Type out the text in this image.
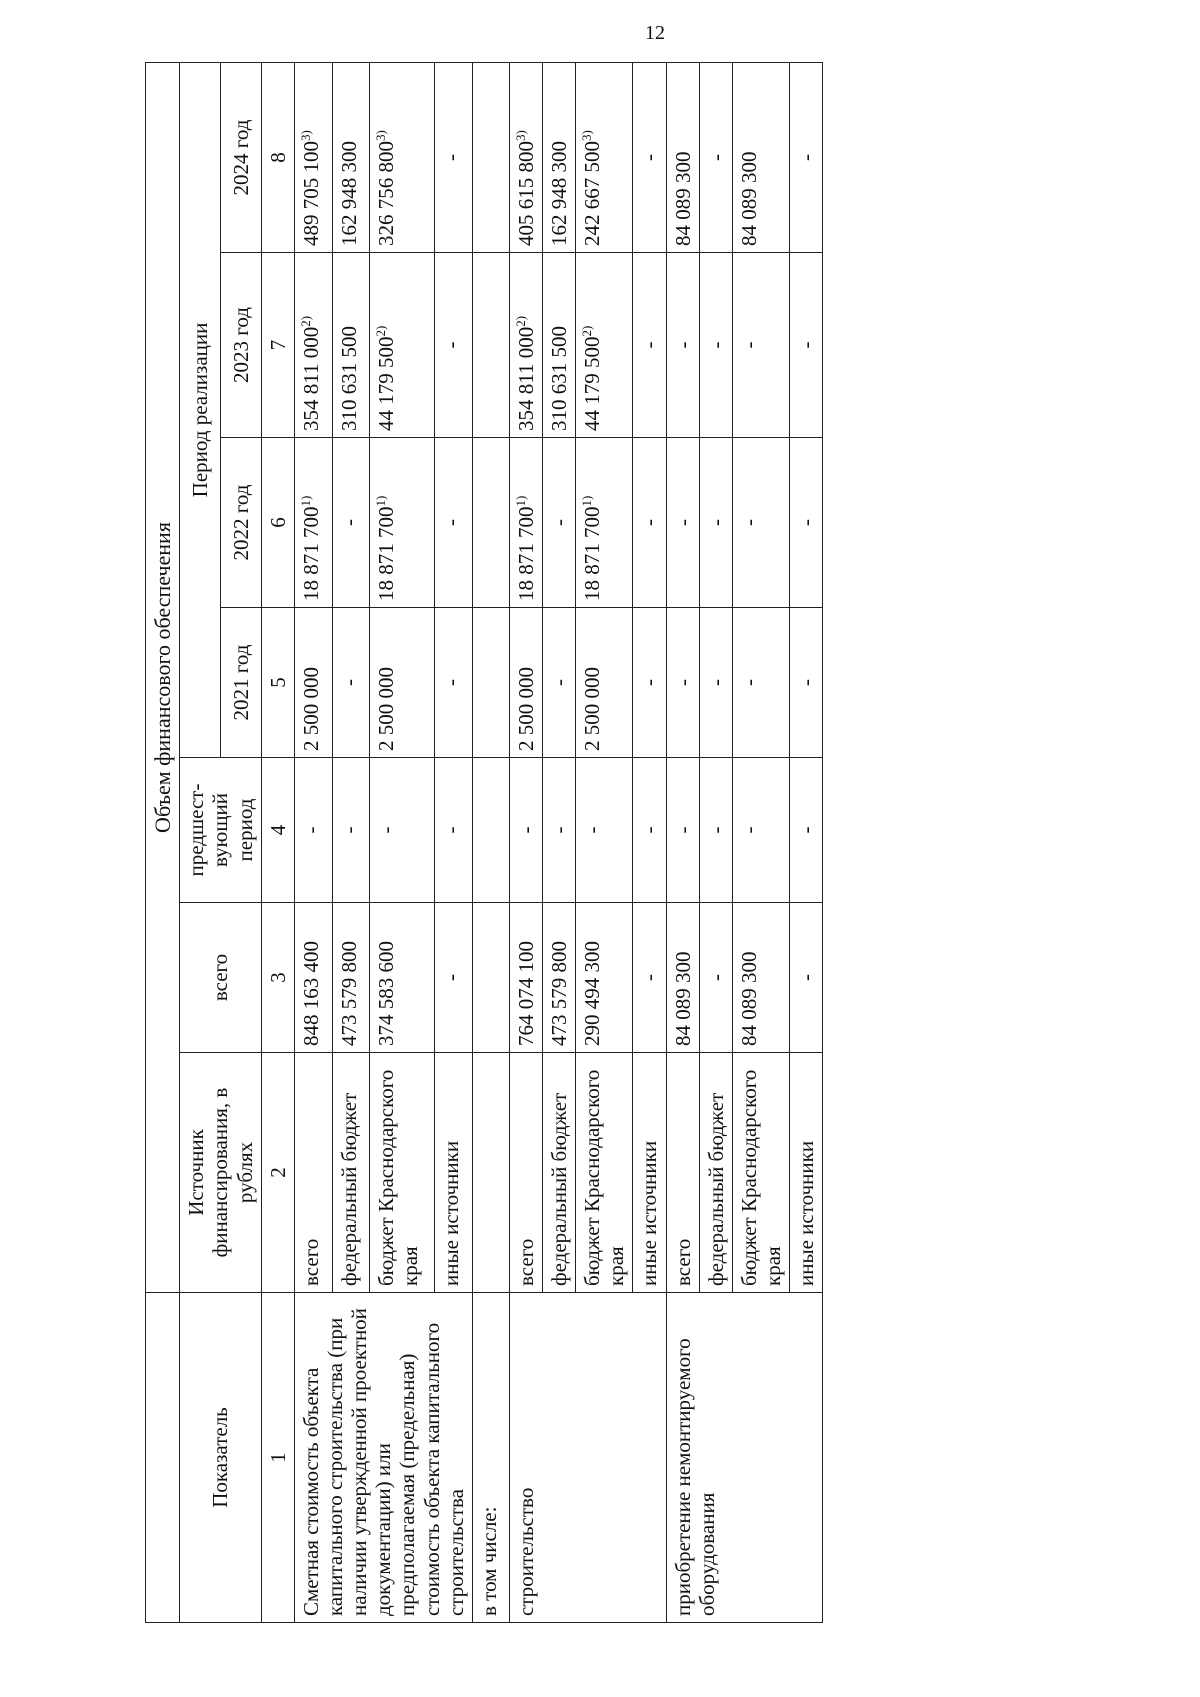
12
	Объем финансового обеспечения						
Показатель	Источник финансирования, в рублях	всего	предшест-вующий период	Период реализации			
				2021 год	2022 год	2023 год	2024 год
1	2	3	4	5	6	7	8
Сметная стоимость объекта капитального строительства (при наличии утвержденной проектной документации) или предполагаемая (предельная) стоимость объекта капитального строительства	всего	848 163 400	-	2 500 000	18 871 700$^{1)}$	354 811 000$^{2)}$	489 705 100$^{3)}$
	федеральный бюджет	473 579 800	-	-	-	310 631 500	162 948 300
	бюджет Краснодарского края	374 583 600	-	2 500 000	18 871 700$^{1)}$	44 179 500$^{2)}$	326 756 800$^{3)}$
	иные источники	-	-	-	-	-	-
в том числе:							
строительство	всего	764 074 100	-	2 500 000	18 871 700$^{1)}$	354 811 000$^{2)}$	405 615 800$^{3)}$
	федеральный бюджет	473 579 800	-	-	-	310 631 500	162 948 300
	бюджет Краснодарского края	290 494 300	-	2 500 000	18 871 700$^{1)}$	44 179 500$^{2)}$	242 667 500$^{3)}$
	иные источники	-	-	-	-	-	-
приобретение немонтируемого оборудования	всего	84 089 300	-	-	-	-	84 089 300
	федеральный бюджет	-	-	-	-	-	-
	бюджет Краснодарского края	84 089 300	-	-	-	-	84 089 300
	иные источники	-	-	-	-	-	-
